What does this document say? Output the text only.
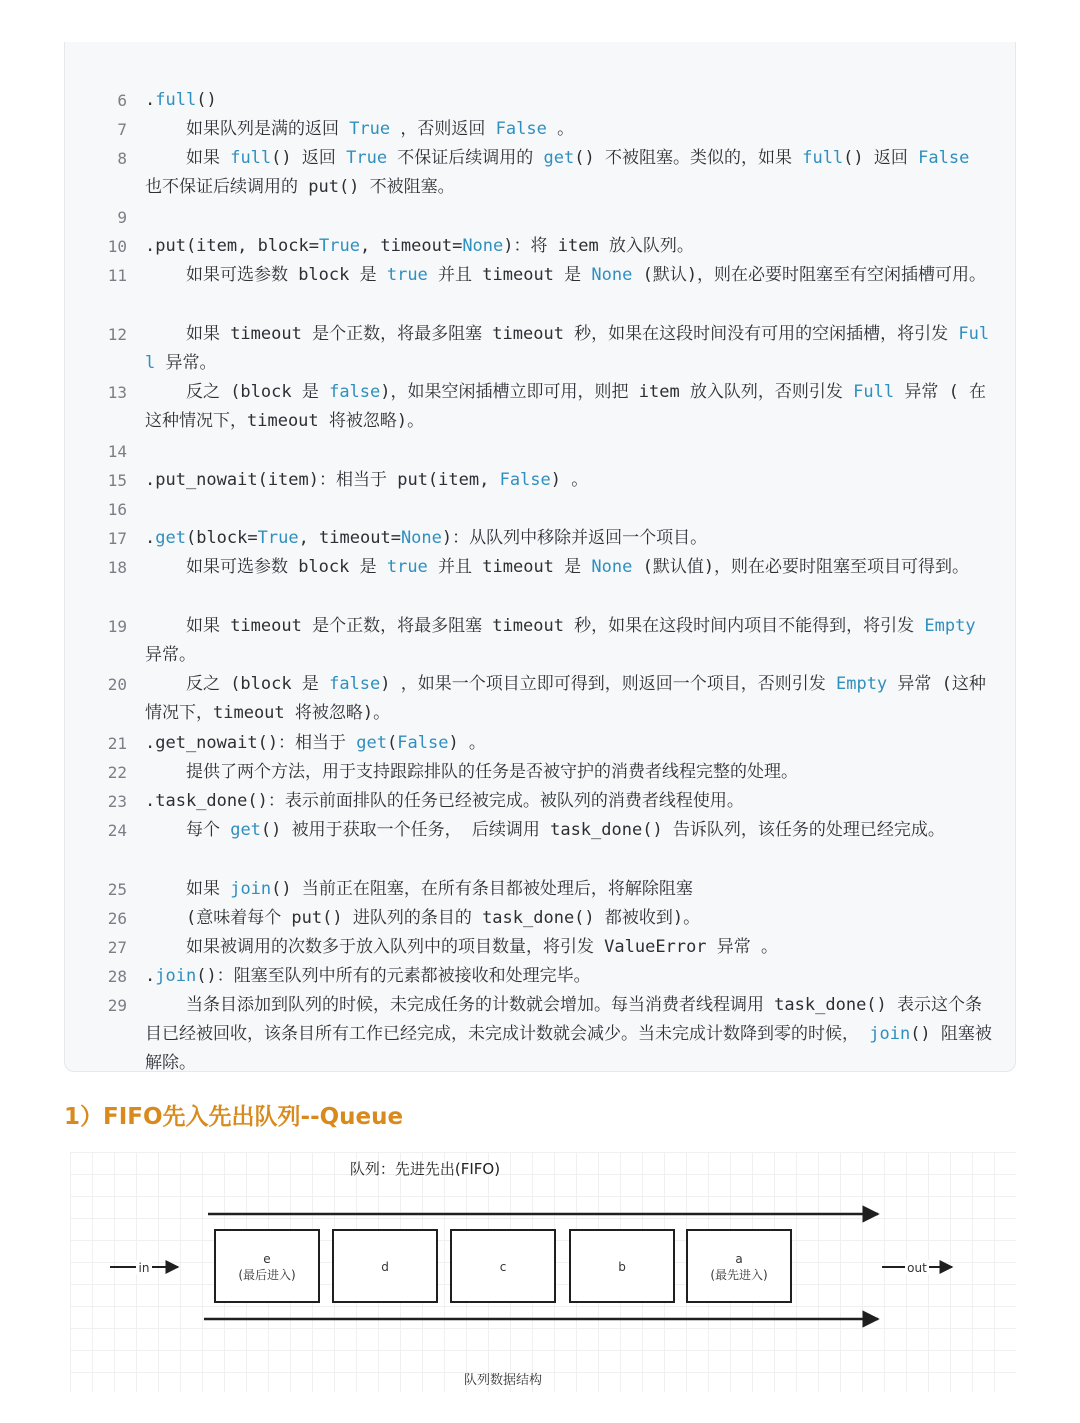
6 .full()
7 如果队列是满的返回 True ，否则返回 False 。
8 如果 full() 返回 True 不保证后续调用的 get() 不被阻塞。类似的，如果 full() 返回 False 也不保证后续调用的 put() 不被阻塞。
9
10 .put(item, block=True, timeout=None)：将 item 放入队列。
11 如果可选参数 block 是 true 并且 timeout 是 None (默认)，则在必要时阻塞至有空闲插槽可用。
12 如果 timeout 是个正数，将最多阻塞 timeout 秒，如果在这段时间没有可用的空闲插槽，将引发 Full 异常。
13 反之 (block 是 false)，如果空闲插槽立即可用，则把 item 放入队列，否则引发 Full 异常 ( 在这种情况下，timeout 将被忽略)。
14
15 .put_nowait(item)：相当于 put(item, False) 。
16
17 .get(block=True, timeout=None)：从队列中移除并返回一个项目。
18 如果可选参数 block 是 true 并且 timeout 是 None (默认值)，则在必要时阻塞至项目可得到。
19 如果 timeout 是个正数，将最多阻塞 timeout 秒，如果在这段时间内项目不能得到，将引发 Empty 异常。
20 反之 (block 是 false) ，如果一个项目立即可得到，则返回一个项目，否则引发 Empty 异常 (这种情况下，timeout 将被忽略)。
21 .get_nowait()：相当于 get(False) 。
22 提供了两个方法，用于支持跟踪排队的任务是否被守护的消费者线程完整的处理。
23 .task_done()：表示前面排队的任务已经被完成。被队列的消费者线程使用。
24 每个 get() 被用于获取一个任务， 后续调用 task_done() 告诉队列，该任务的处理已经完成。
25 如果 join() 当前正在阻塞，在所有条目都被处理后，将解除阻塞
26 (意味着每个 put() 进队列的条目的 task_done() 都被收到)。
27 如果被调用的次数多于放入队列中的项目数量，将引发 ValueError 异常 。
28 .join()：阻塞至队列中所有的元素都被接收和处理完毕。
29 当条目添加到队列的时候，未完成任务的计数就会增加。每当消费者线程调用 task_done() 表示这个条目已经被回收，该条目所有工作已经完成，未完成计数就会减少。当未完成计数降到零的时候， join() 阻塞被解除。
1）FIFO先入先出队列--Queue
队列：先进先出(FIFO)
in	out
e
(最后进入)
d	c	b
a
(最先进入)
队列数据结构
